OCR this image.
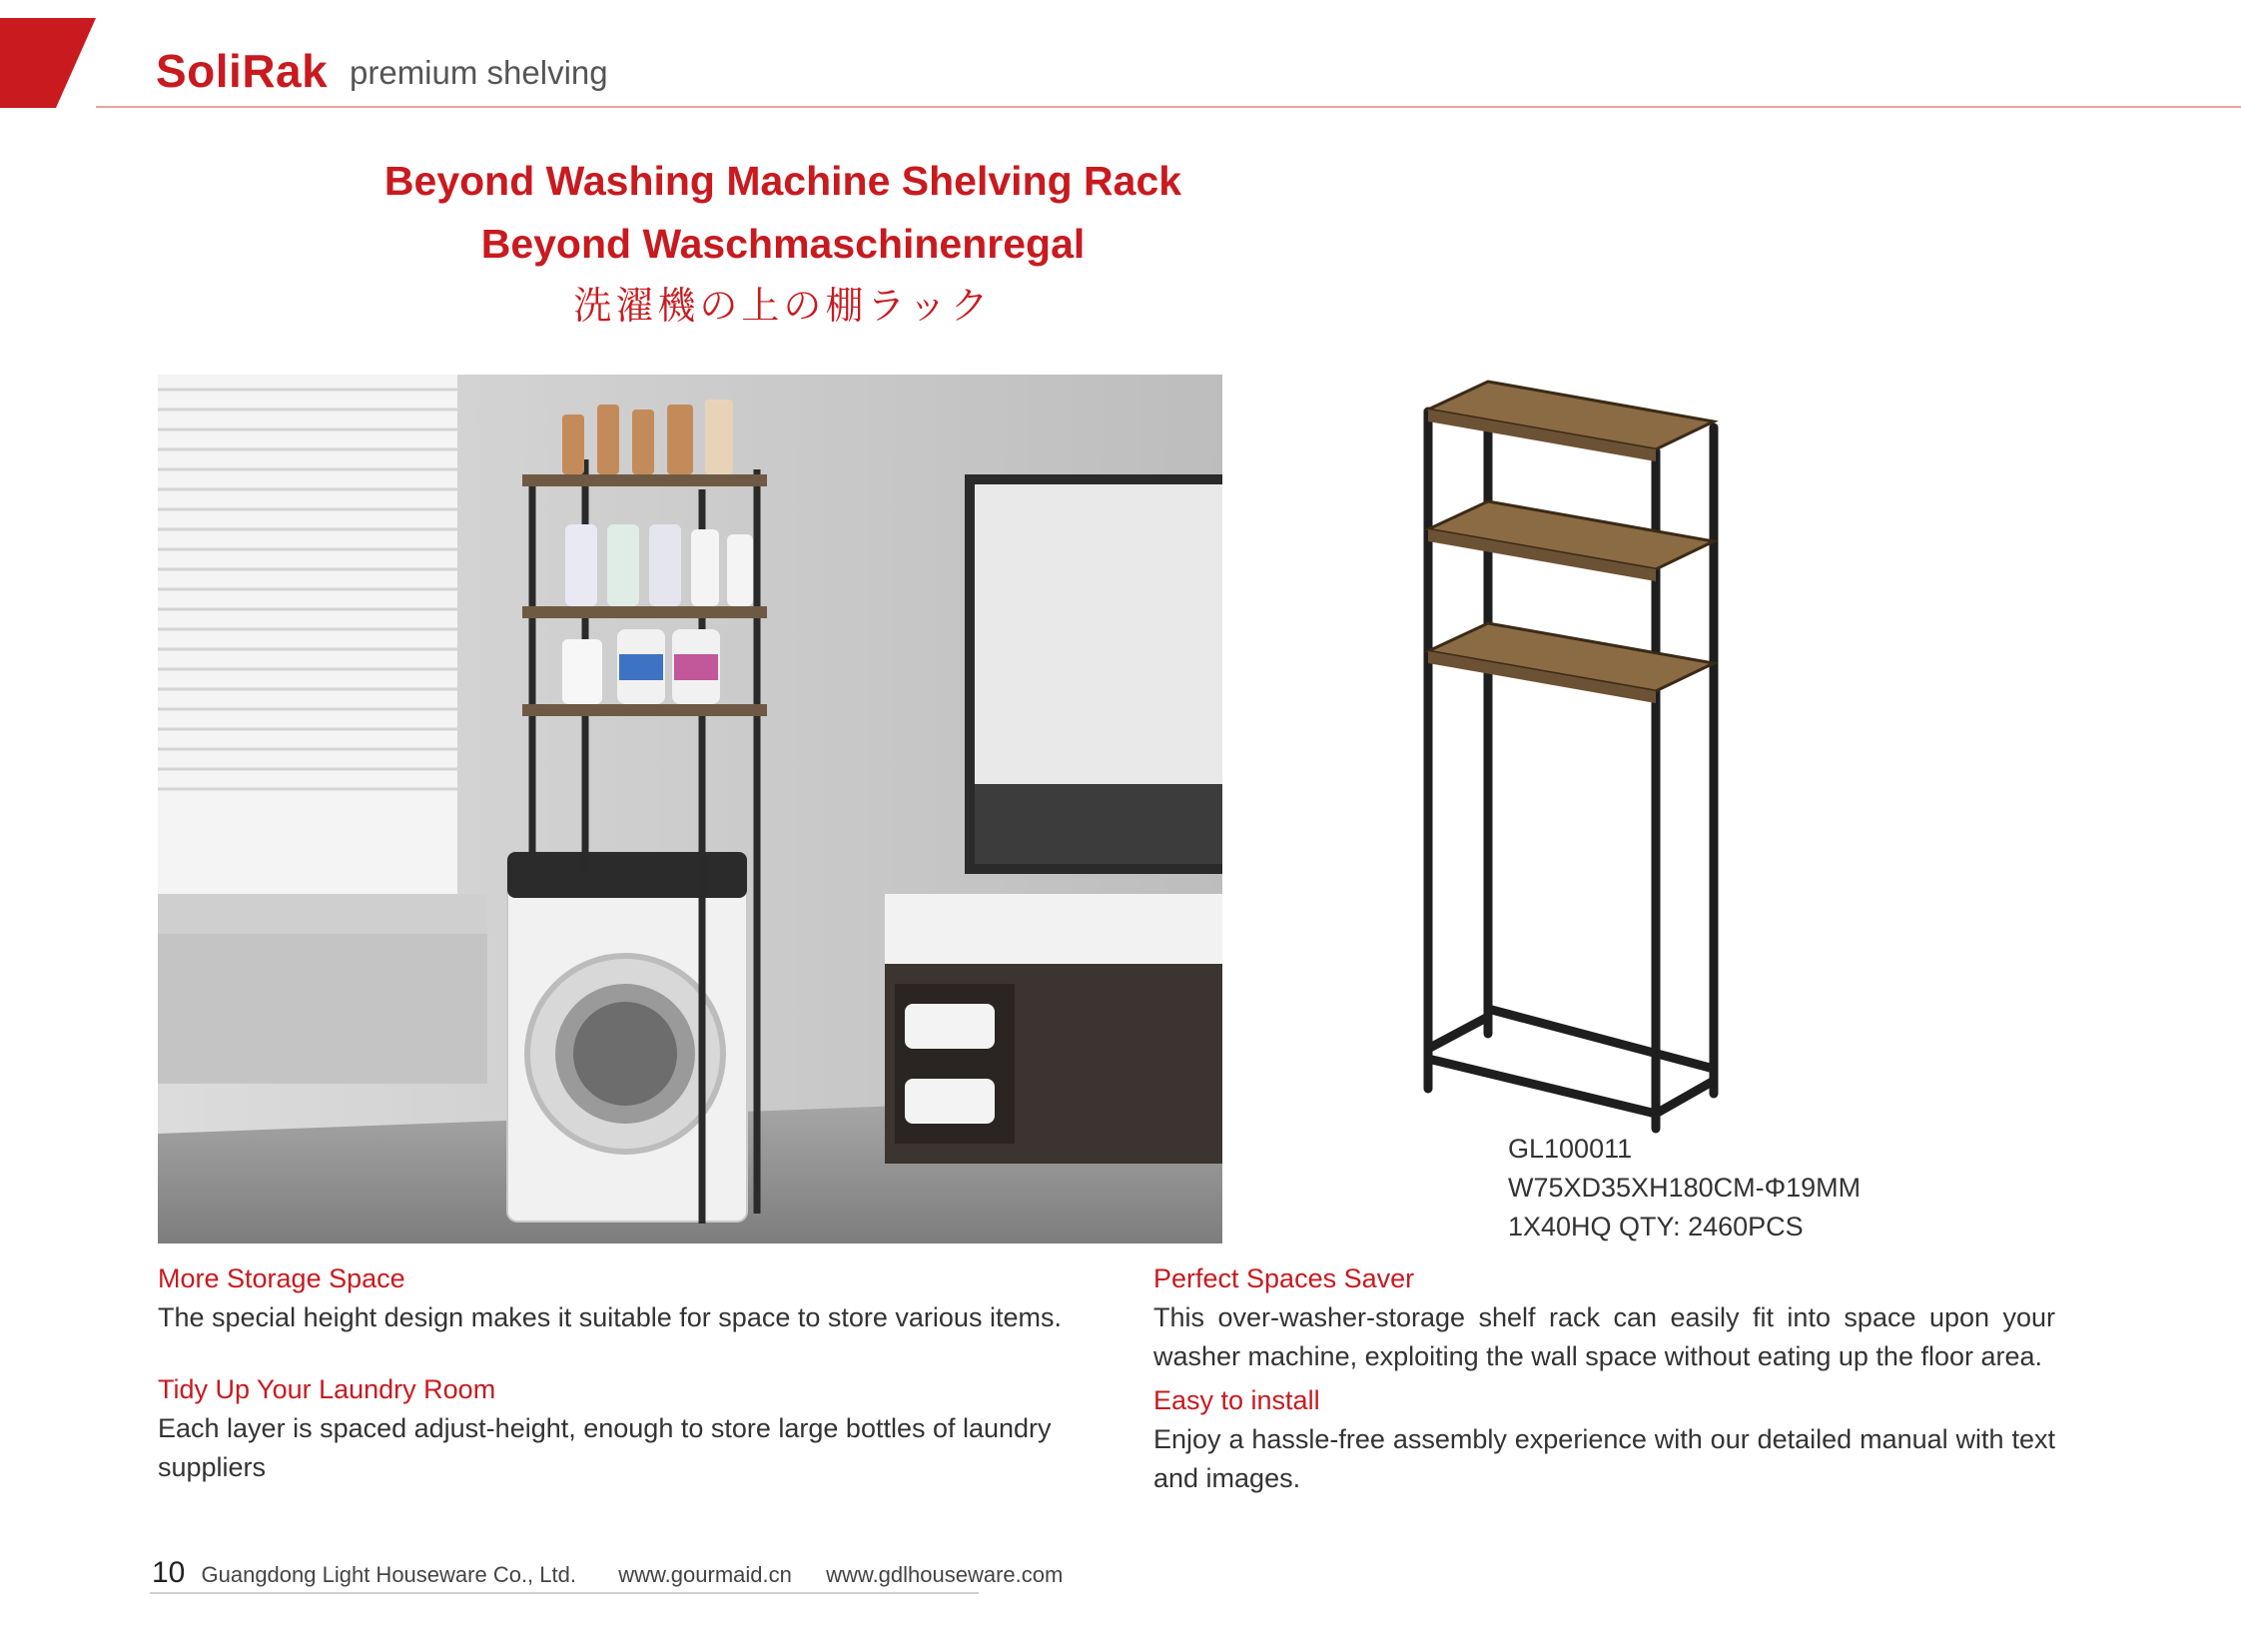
SoliRak premium shelving
Beyond Washing Machine Shelving Rack
Beyond Waschmaschinenregal
洗濯機の上の棚ラック
GL100011
W75XD35XH180CM-Φ19MM
1X40HQ QTY: 2460PCS
More Storage Space
The special height design makes it suitable for space to store various items.
Tidy Up Your Laundry Room
Each layer is spaced adjust-height, enough to store large bottles of laundry suppliers
Perfect Spaces Saver
This over-washer-storage shelf rack can easily fit into space upon your washer machine, exploiting the wall space without eating up the floor area.
Easy to install
Enjoy a hassle-free assembly experience with our detailed manual with text and images.
10 Guangdong Light Houseware Co., Ltd. www.gourmaid.cn www.gdlhouseware.com
